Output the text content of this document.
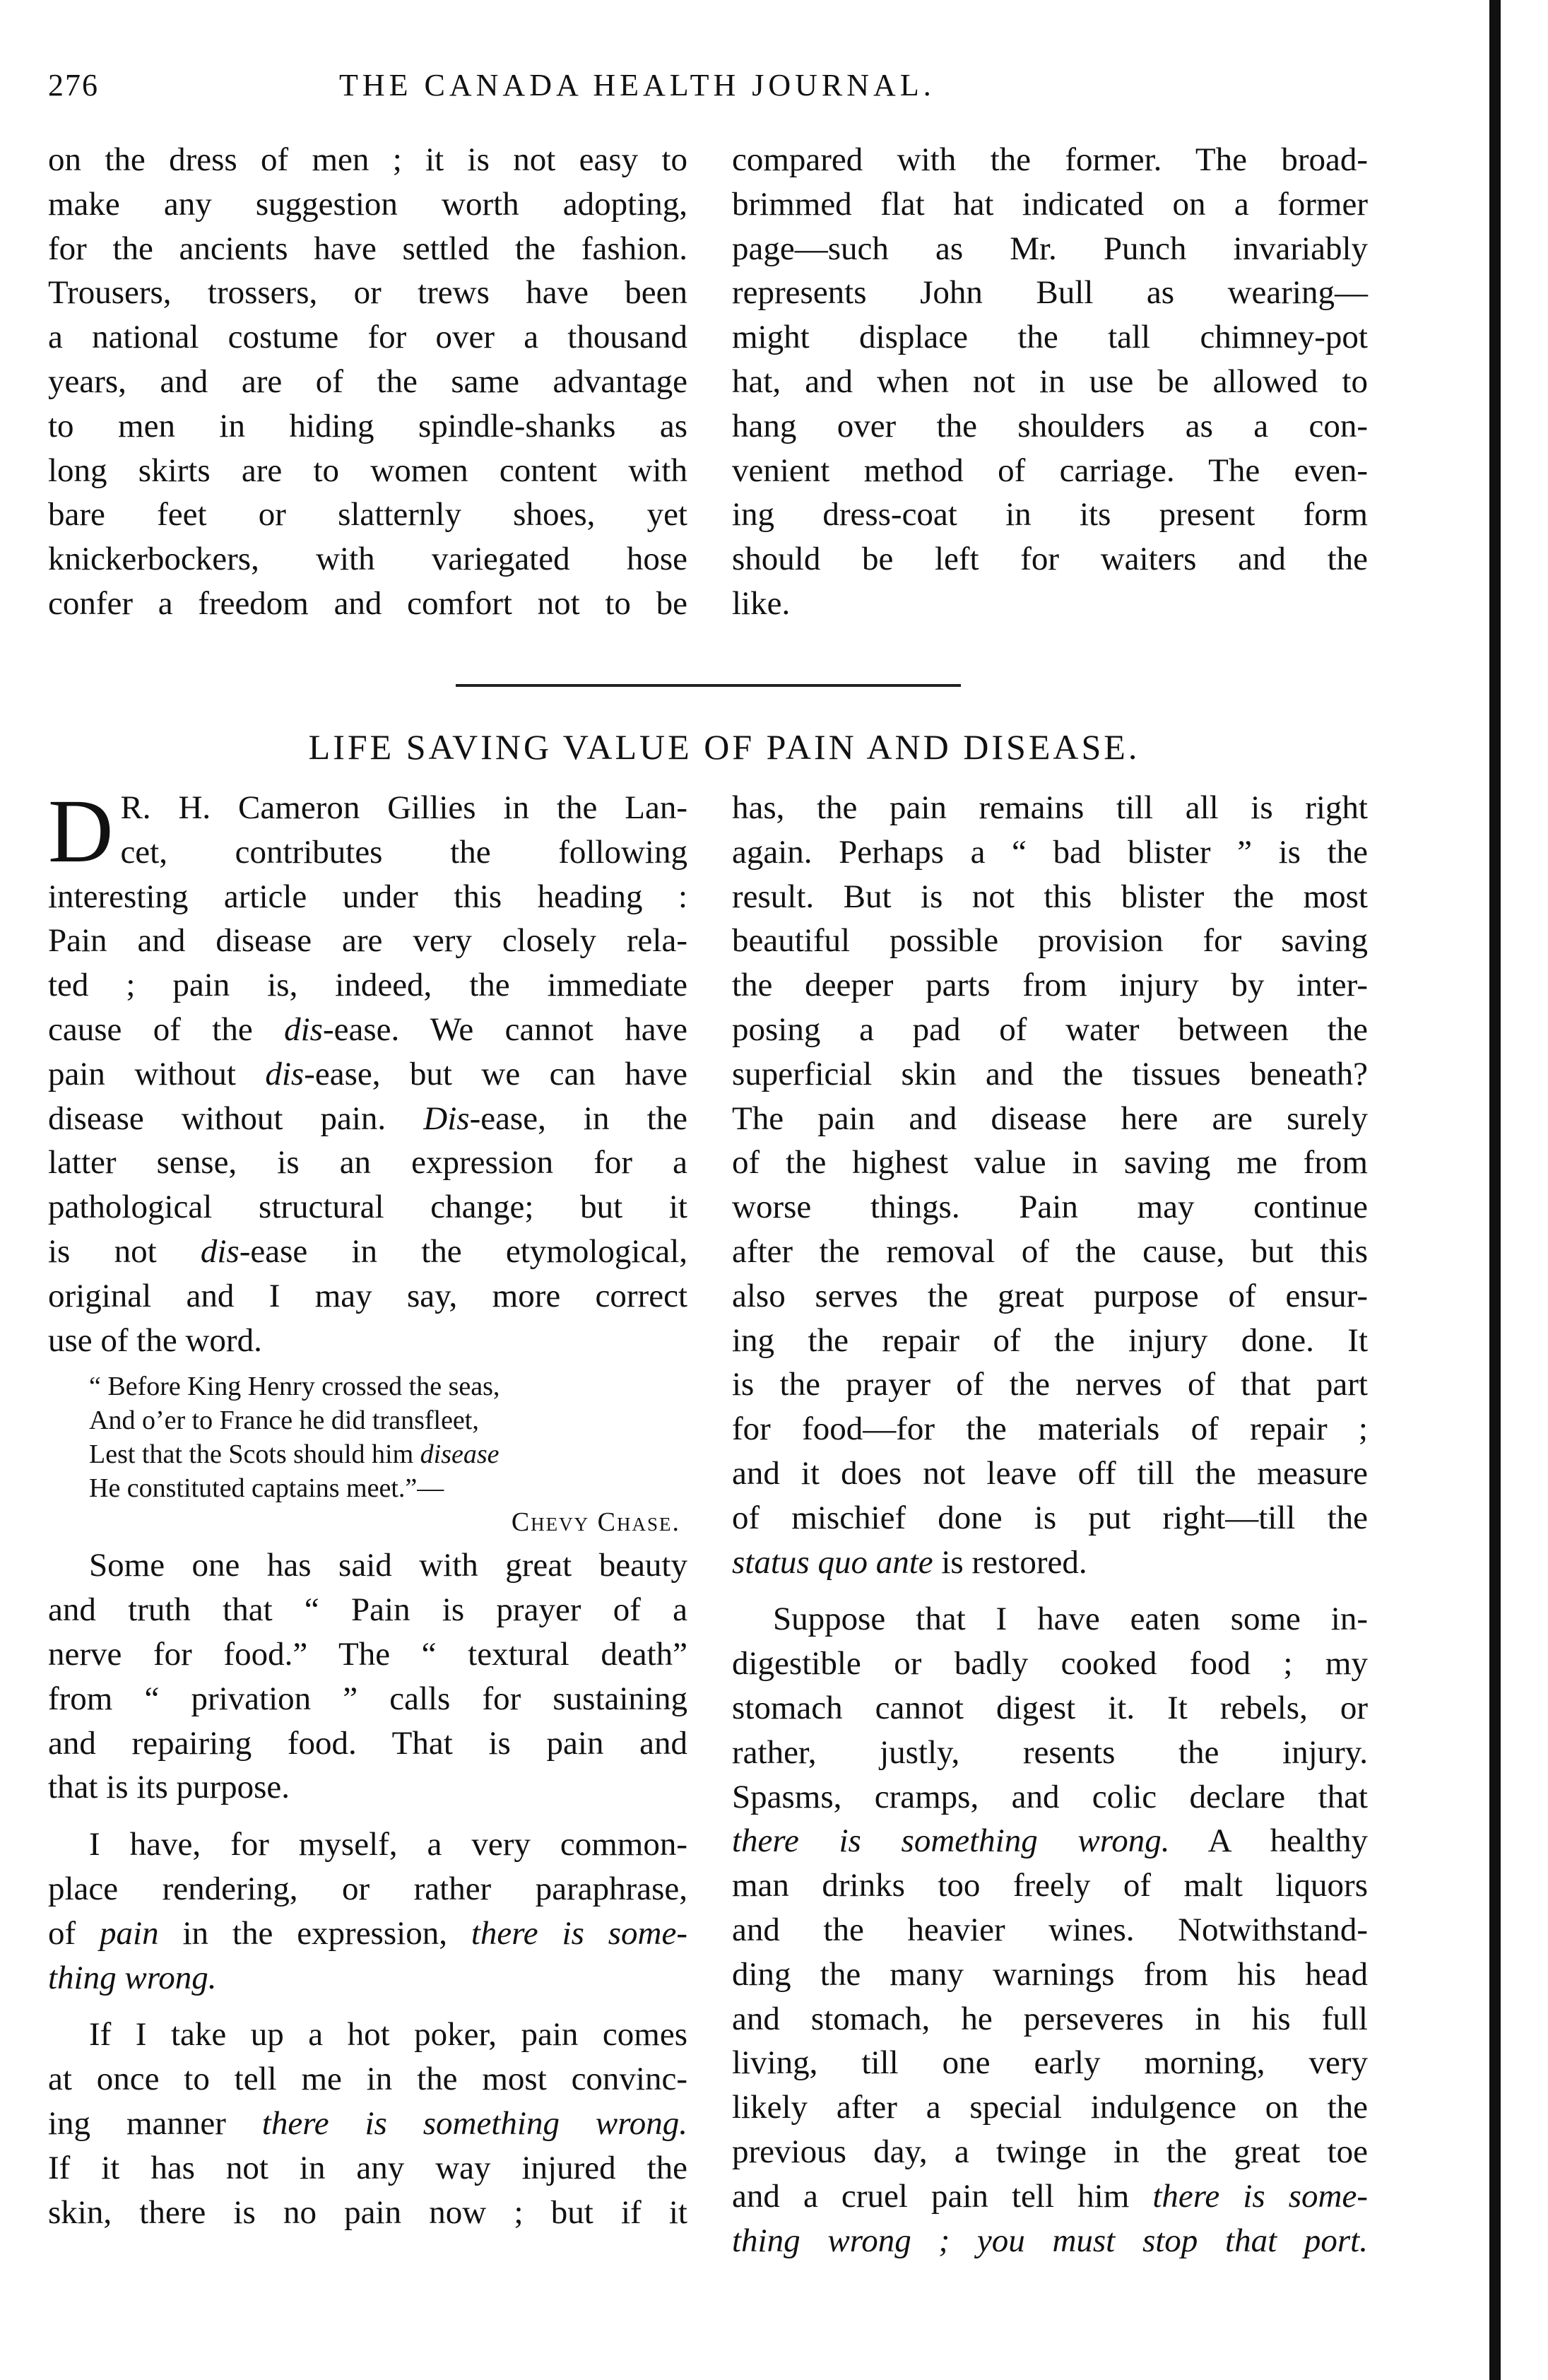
276	THE CANADA HEALTH JOURNAL.
on the dress of men ; it is not easy to
make any suggestion worth adopting,
for the ancients have settled the fashion.
Trousers, trossers, or trews have been
a national costume for over a thousand
years, and are of the same advantage
to men in hiding spindle-shanks as
long skirts are to women content with
bare feet or slatternly shoes, yet
knickerbockers, with variegated hose
confer a freedom and comfort not to be
compared with the former. The broad-
brimmed flat hat indicated on a former
page—such as Mr. Punch invariably
represents John Bull as wearing—
might displace the tall chimney-pot
hat, and when not in use be allowed to
hang over the shoulders as a con-
venient method of carriage. The even-
ing dress-coat in its present form
should be left for waiters and the
like.
LIFE SAVING VALUE OF PAIN AND DISEASE.
D R. H. Cameron Gillies in the Lan-
cet, contributes the following
interesting article under this heading :
Pain and disease are very closely rela-
ted ; pain is, indeed, the immediate
cause of the dis-ease. We cannot have
pain without dis-ease, but we can have
disease without pain. Dis-ease, in the
latter sense, is an expression for a
pathological structural change; but it
is not dis-ease in the etymological,
original and I may say, more correct
use of the word.
“ Before King Henry crossed the seas,
And o’er to France he did transfleet,
Lest that the Scots should him disease
He constituted captains meet.”—
Chevy Chase.
Some one has said with great beauty
and truth that “ Pain is prayer of a
nerve for food.” The “ textural death”
from “ privation ” calls for sustaining
and repairing food. That is pain and
that is its purpose.
I have, for myself, a very common-
place rendering, or rather paraphrase,
of pain in the expression, there is some-
thing wrong.
If I take up a hot poker, pain comes
at once to tell me in the most convinc-
ing manner there is something wrong.
If it has not in any way injured the
skin, there is no pain now ; but if it
has, the pain remains till all is right
again. Perhaps a “ bad blister ” is the
result. But is not this blister the most
beautiful possible provision for saving
the deeper parts from injury by inter-
posing a pad of water between the
superficial skin and the tissues beneath?
The pain and disease here are surely
of the highest value in saving me from
worse things. Pain may continue
after the removal of the cause, but this
also serves the great purpose of ensur-
ing the repair of the injury done. It
is the prayer of the nerves of that part
for food—for the materials of repair ;
and it does not leave off till the measure
of mischief done is put right—till the
status quo ante is restored.
Suppose that I have eaten some in-
digestible or badly cooked food ; my
stomach cannot digest it. It rebels, or
rather, justly, resents the injury.
Spasms, cramps, and colic declare that
there is something wrong. A healthy
man drinks too freely of malt liquors
and the heavier wines. Notwithstand-
ding the many warnings from his head
and stomach, he perseveres in his full
living, till one early morning, very
likely after a special indulgence on the
previous day, a twinge in the great toe
and a cruel pain tell him there is some-
thing wrong ; you must stop that port.
